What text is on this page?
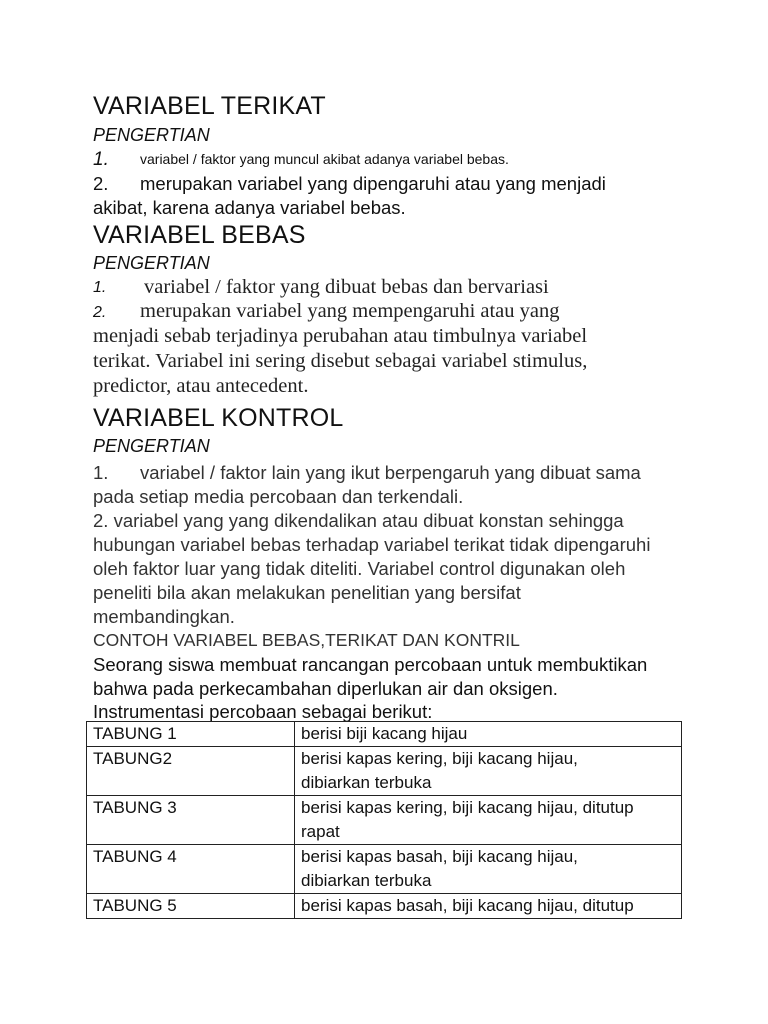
VARIABEL TERIKAT
PENGERTIAN
1. variabel / faktor yang muncul akibat adanya variabel bebas.
2. merupakan variabel yang dipengaruhi atau yang menjadi
akibat, karena adanya variabel bebas.
VARIABEL BEBAS
PENGERTIAN
1. variabel / faktor yang dibuat bebas dan bervariasi
2. merupakan variabel yang mempengaruhi atau yang
menjadi sebab terjadinya perubahan atau timbulnya variabel
terikat. Variabel ini sering disebut sebagai variabel stimulus,
predictor, atau antecedent.
VARIABEL KONTROL
PENGERTIAN
1. variabel / faktor lain yang ikut berpengaruh yang dibuat sama
pada setiap media percobaan dan terkendali.
2. variabel yang yang dikendalikan atau dibuat konstan sehingga
hubungan variabel bebas terhadap variabel terikat tidak dipengaruhi
oleh faktor luar yang tidak diteliti. Variabel control digunakan oleh
peneliti bila akan melakukan penelitian yang bersifat
membandingkan.
CONTOH VARIABEL BEBAS,TERIKAT DAN KONTRIL
Seorang siswa membuat rancangan percobaan untuk membuktikan
bahwa pada perkecambahan diperlukan air dan oksigen.
Instrumentasi percobaan sebagai berikut:
TABUNG 1	berisi biji kacang hijau

TABUNG2	berisi kapas kering, biji kacang hijau,
dibiarkan terbuka

TABUNG 3	berisi kapas kering, biji kacang hijau, ditutup
rapat

TABUNG 4	berisi kapas basah, biji kacang hijau,
dibiarkan terbuka

TABUNG 5	berisi kapas basah, biji kacang hijau, ditutup
